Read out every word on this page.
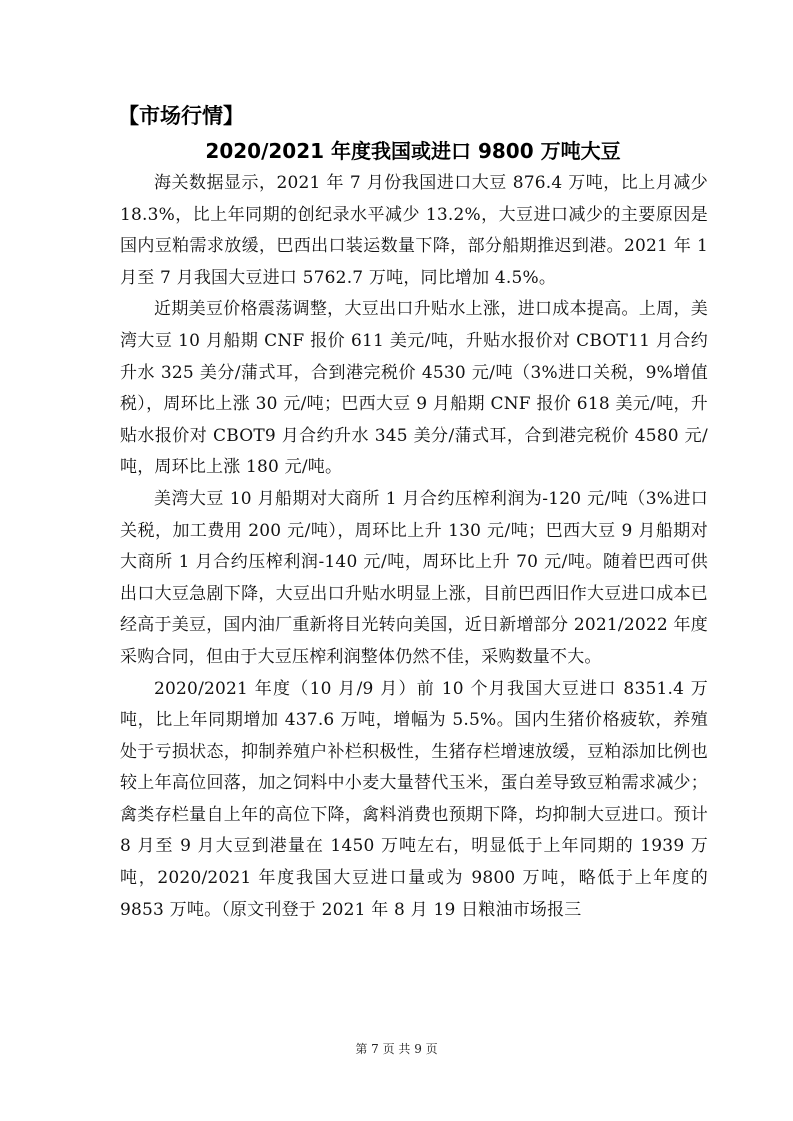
【市场行情】
2020/2021 年度我国或进口 9800 万吨大豆

海关数据显示，2021 年 7 月份我国进口大豆 876.4 万吨，比上月减少 18.3%，比上年同期的创纪录水平减少 13.2%，大豆进口减少的主要原因是国内豆粕需求放缓，巴西出口装运数量下降，部分船期推迟到港。2021 年 1 月至 7 月我国大豆进口 5762.7 万吨，同比增加 4.5%。

近期美豆价格震荡调整，大豆出口升贴水上涨，进口成本提高。上周，美湾大豆 10 月船期 CNF 报价 611 美元/吨，升贴水报价对 CBOT11 月合约升水 325 美分/蒲式耳，合到港完税价 4530 元/吨（3%进口关税，9%增值税），周环比上涨 30 元/吨；巴西大豆 9 月船期 CNF 报价 618 美元/吨，升贴水报价对 CBOT9 月合约升水 345 美分/蒲式耳，合到港完税价 4580 元/吨，周环比上涨 180 元/吨。

美湾大豆 10 月船期对大商所 1 月合约压榨利润为-120 元/吨（3%进口关税，加工费用 200 元/吨），周环比上升 130 元/吨；巴西大豆 9 月船期对大商所 1 月合约压榨利润-140 元/吨，周环比上升 70 元/吨。随着巴西可供出口大豆急剧下降，大豆出口升贴水明显上涨，目前巴西旧作大豆进口成本已经高于美豆，国内油厂重新将目光转向美国，近日新增部分 2021/2022 年度采购合同，但由于大豆压榨利润整体仍然不佳，采购数量不大。

2020/2021 年度（10 月/9 月）前 10 个月我国大豆进口 8351.4 万吨，比上年同期增加 437.6 万吨，增幅为 5.5%。国内生猪价格疲软，养殖处于亏损状态，抑制养殖户补栏积极性，生猪存栏增速放缓，豆粕添加比例也较上年高位回落，加之饲料中小麦大量替代玉米，蛋白差导致豆粕需求减少；禽类存栏量自上年的高位下降，禽料消费也预期下降，均抑制大豆进口。预计 8 月至 9 月大豆到港量在 1450 万吨左右，明显低于上年同期的 1939 万吨，2020/2021 年度我国大豆进口量或为 9800 万吨，略低于上年度的 9853 万吨。（原文刊登于 2021 年 8 月 19 日粮油市场报三

第 7 页 共 9 页
